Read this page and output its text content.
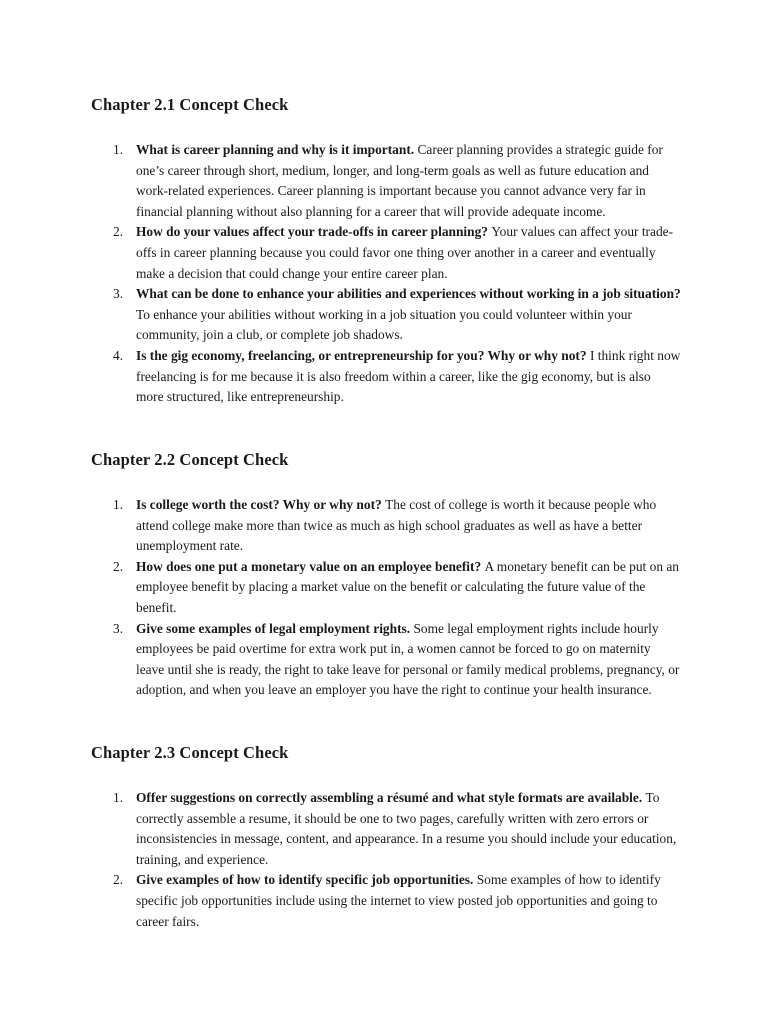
Chapter 2.1 Concept Check
1. What is career planning and why is it important. Career planning provides a strategic guide for one’s career through short, medium, longer, and long-term goals as well as future education and work-related experiences. Career planning is important because you cannot advance very far in financial planning without also planning for a career that will provide adequate income.
2. How do your values affect your trade-offs in career planning? Your values can affect your trade-offs in career planning because you could favor one thing over another in a career and eventually make a decision that could change your entire career plan.
3. What can be done to enhance your abilities and experiences without working in a job situation? To enhance your abilities without working in a job situation you could volunteer within your community, join a club, or complete job shadows.
4. Is the gig economy, freelancing, or entrepreneurship for you? Why or why not? I think right now freelancing is for me because it is also freedom within a career, like the gig economy, but is also more structured, like entrepreneurship.
Chapter 2.2 Concept Check
1. Is college worth the cost? Why or why not? The cost of college is worth it because people who attend college make more than twice as much as high school graduates as well as have a better unemployment rate.
2. How does one put a monetary value on an employee benefit? A monetary benefit can be put on an employee benefit by placing a market value on the benefit or calculating the future value of the benefit.
3. Give some examples of legal employment rights. Some legal employment rights include hourly employees be paid overtime for extra work put in, a women cannot be forced to go on maternity leave until she is ready, the right to take leave for personal or family medical problems, pregnancy, or adoption, and when you leave an employer you have the right to continue your health insurance.
Chapter 2.3 Concept Check
1. Offer suggestions on correctly assembling a résumé and what style formats are available. To correctly assemble a resume, it should be one to two pages, carefully written with zero errors or inconsistencies in message, content, and appearance. In a resume you should include your education, training, and experience.
2. Give examples of how to identify specific job opportunities. Some examples of how to identify specific job opportunities include using the internet to view posted job opportunities and going to career fairs.
